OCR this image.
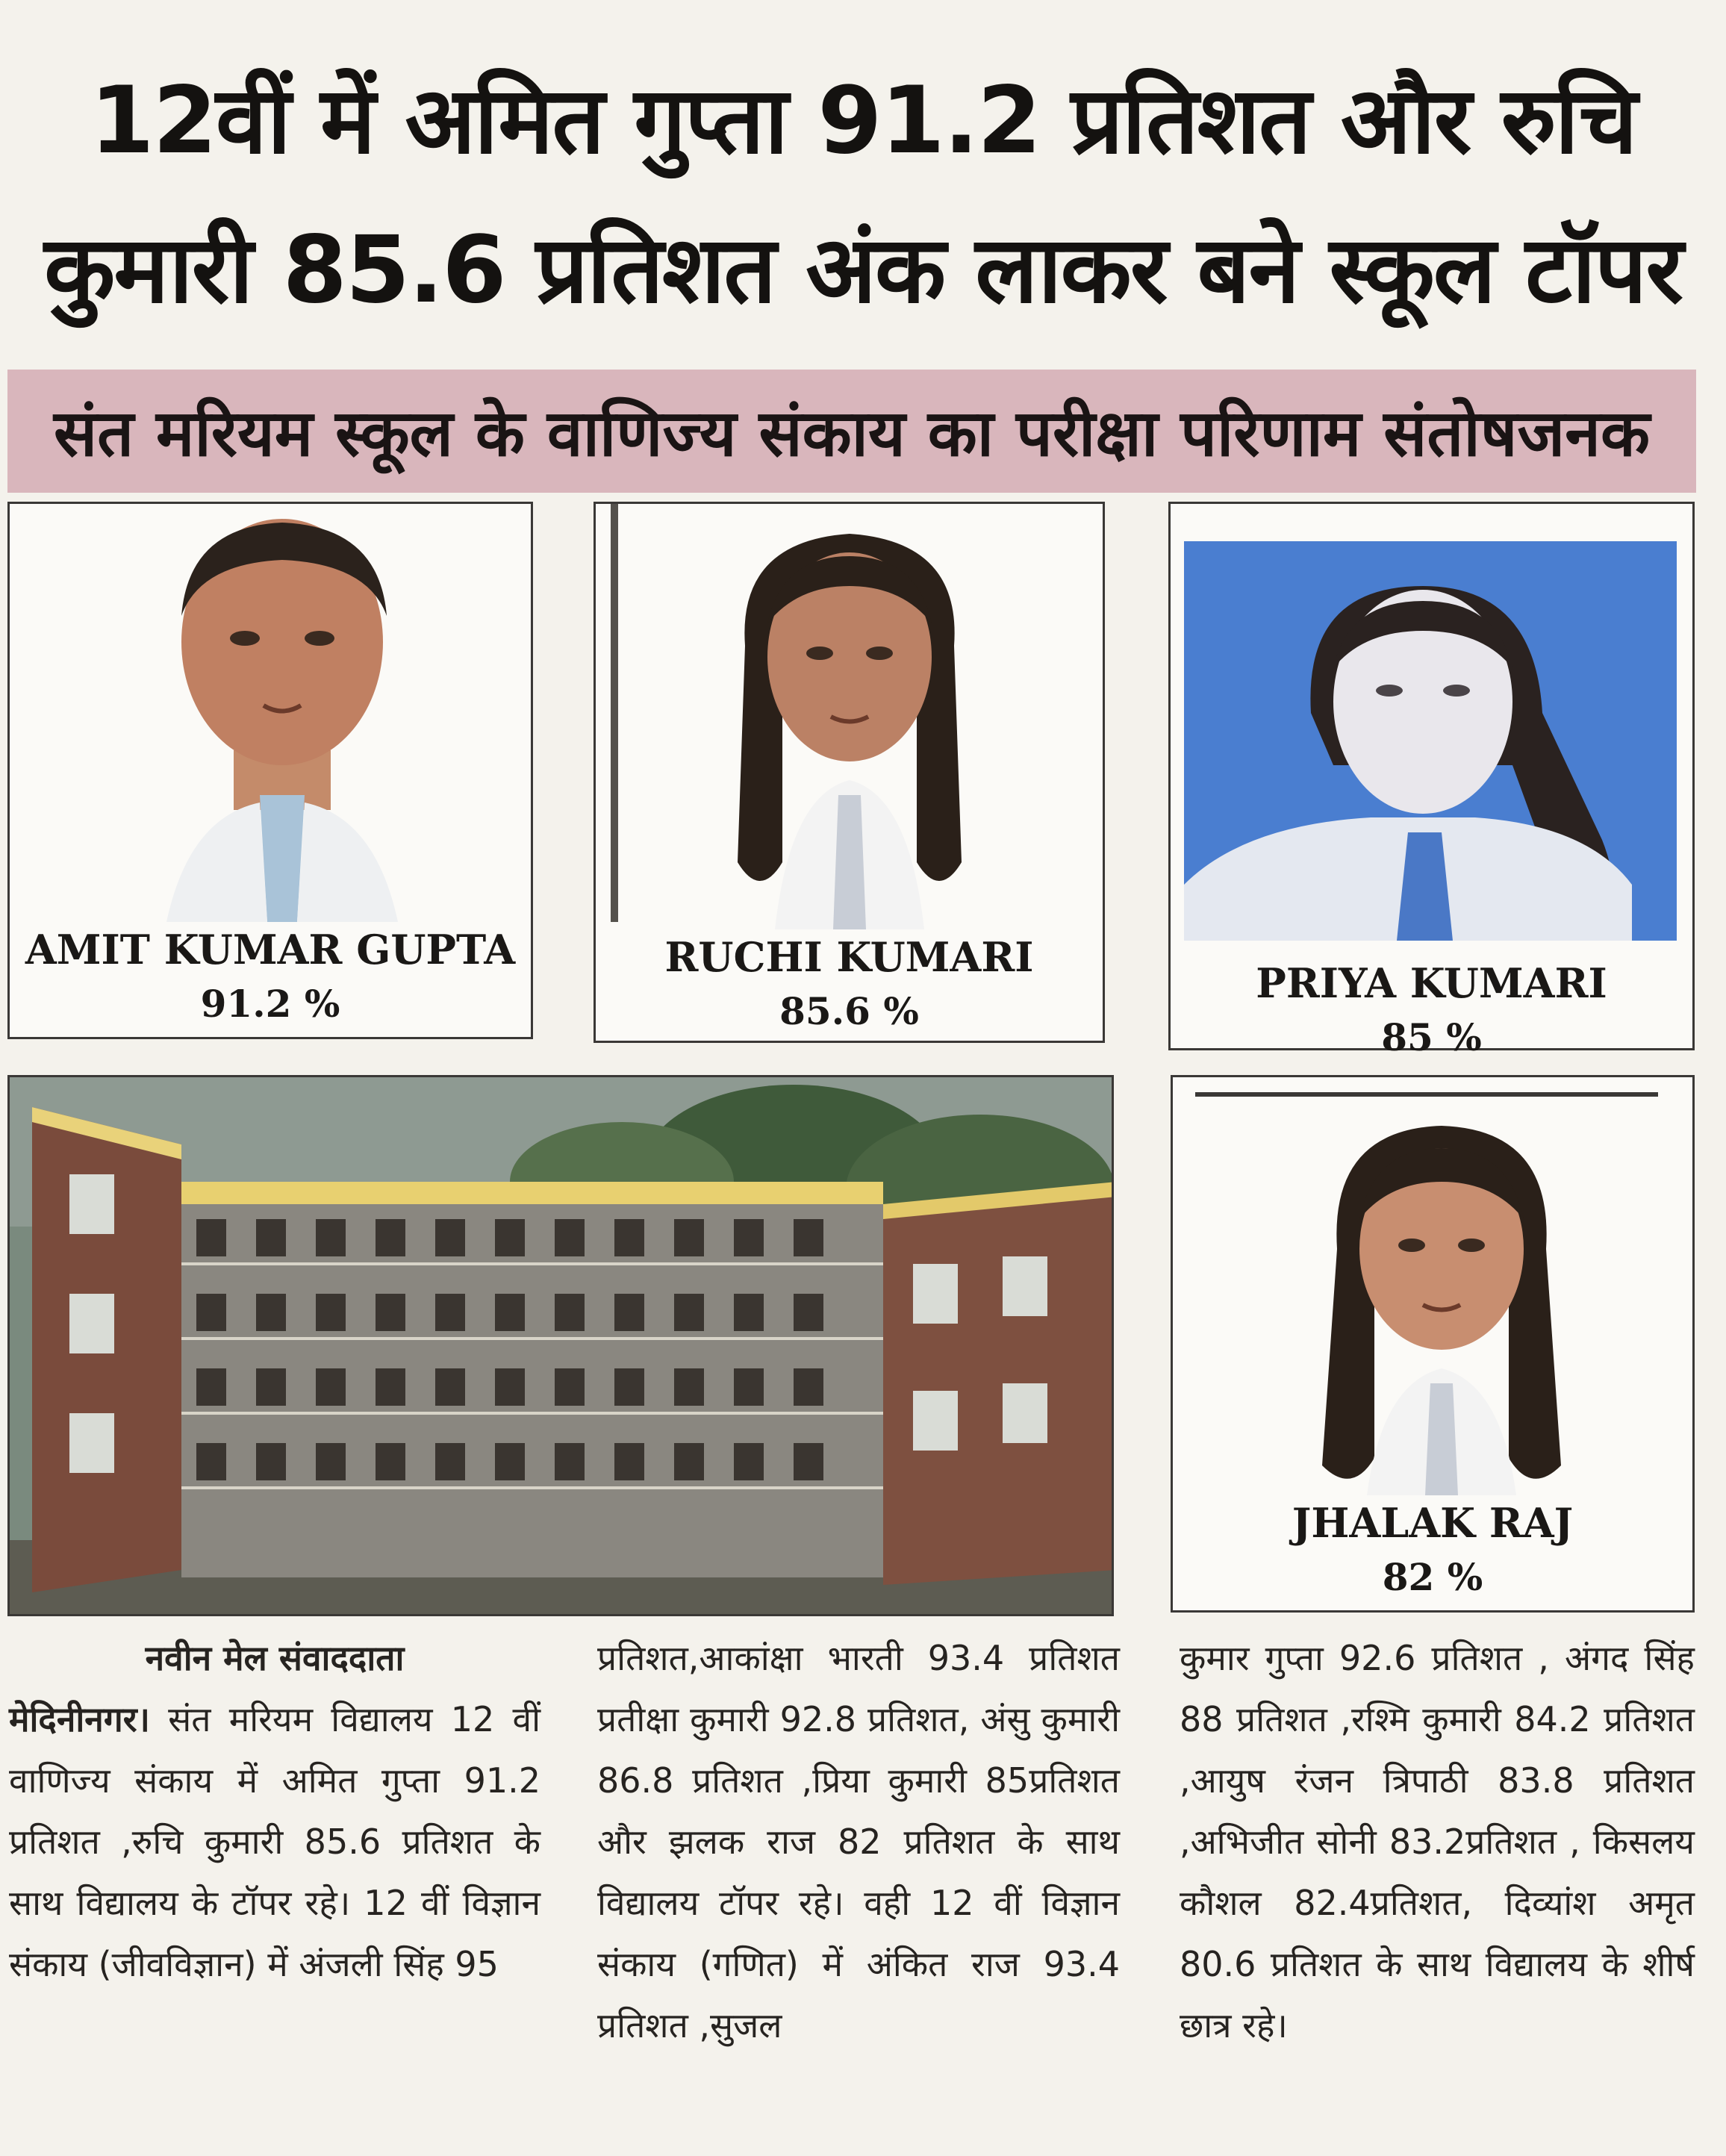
12वीं में अमित गुप्ता 91.2 प्रतिशत और रुचि
कुमारी 85.6 प्रतिशत अंक लाकर बने स्कूल टॉपर
संत मरियम स्कूल के वाणिज्य संकाय का परीक्षा परिणाम संतोषजनक
AMIT KUMAR GUPTA
91.2 %
RUCHI KUMARI
85.6 %
PRIYA KUMARI
85 %
JHALAK RAJ
82 %

नवीन मेल संवाददाता

मेदिनीनगर। संत मरियम विद्यालय 12 वीं वाणिज्य संकाय में अमित गुप्ता 91.2 प्रतिशत ,रुचि कुमारी 85.6 प्रतिशत के साथ विद्यालय के टॉपर रहे। 12 वीं विज्ञान संकाय (जीवविज्ञान) में अंजली सिंह 95

प्रतिशत,आकांक्षा भारती 93.4 प्रतिशत प्रतीक्षा कुमारी 92.8 प्रतिशत, अंसु कुमारी 86.8 प्रतिशत ,प्रिया कुमारी 85प्रतिशत और झलक राज 82 प्रतिशत के साथ विद्यालय टॉपर रहे। वही 12 वीं विज्ञान संकाय (गणित) में अंकित राज 93.4 प्रतिशत ,सुजल

कुमार गुप्ता 92.6 प्रतिशत , अंगद सिंह 88 प्रतिशत ,रश्मि कुमारी 84.2 प्रतिशत ,आयुष रंजन त्रिपाठी 83.8 प्रतिशत ,अभिजीत सोनी 83.2प्रतिशत , किसलय कौशल 82.4प्रतिशत, दिव्यांश अमृत 80.6 प्रतिशत के साथ विद्यालय के शीर्ष छात्र रहे।
